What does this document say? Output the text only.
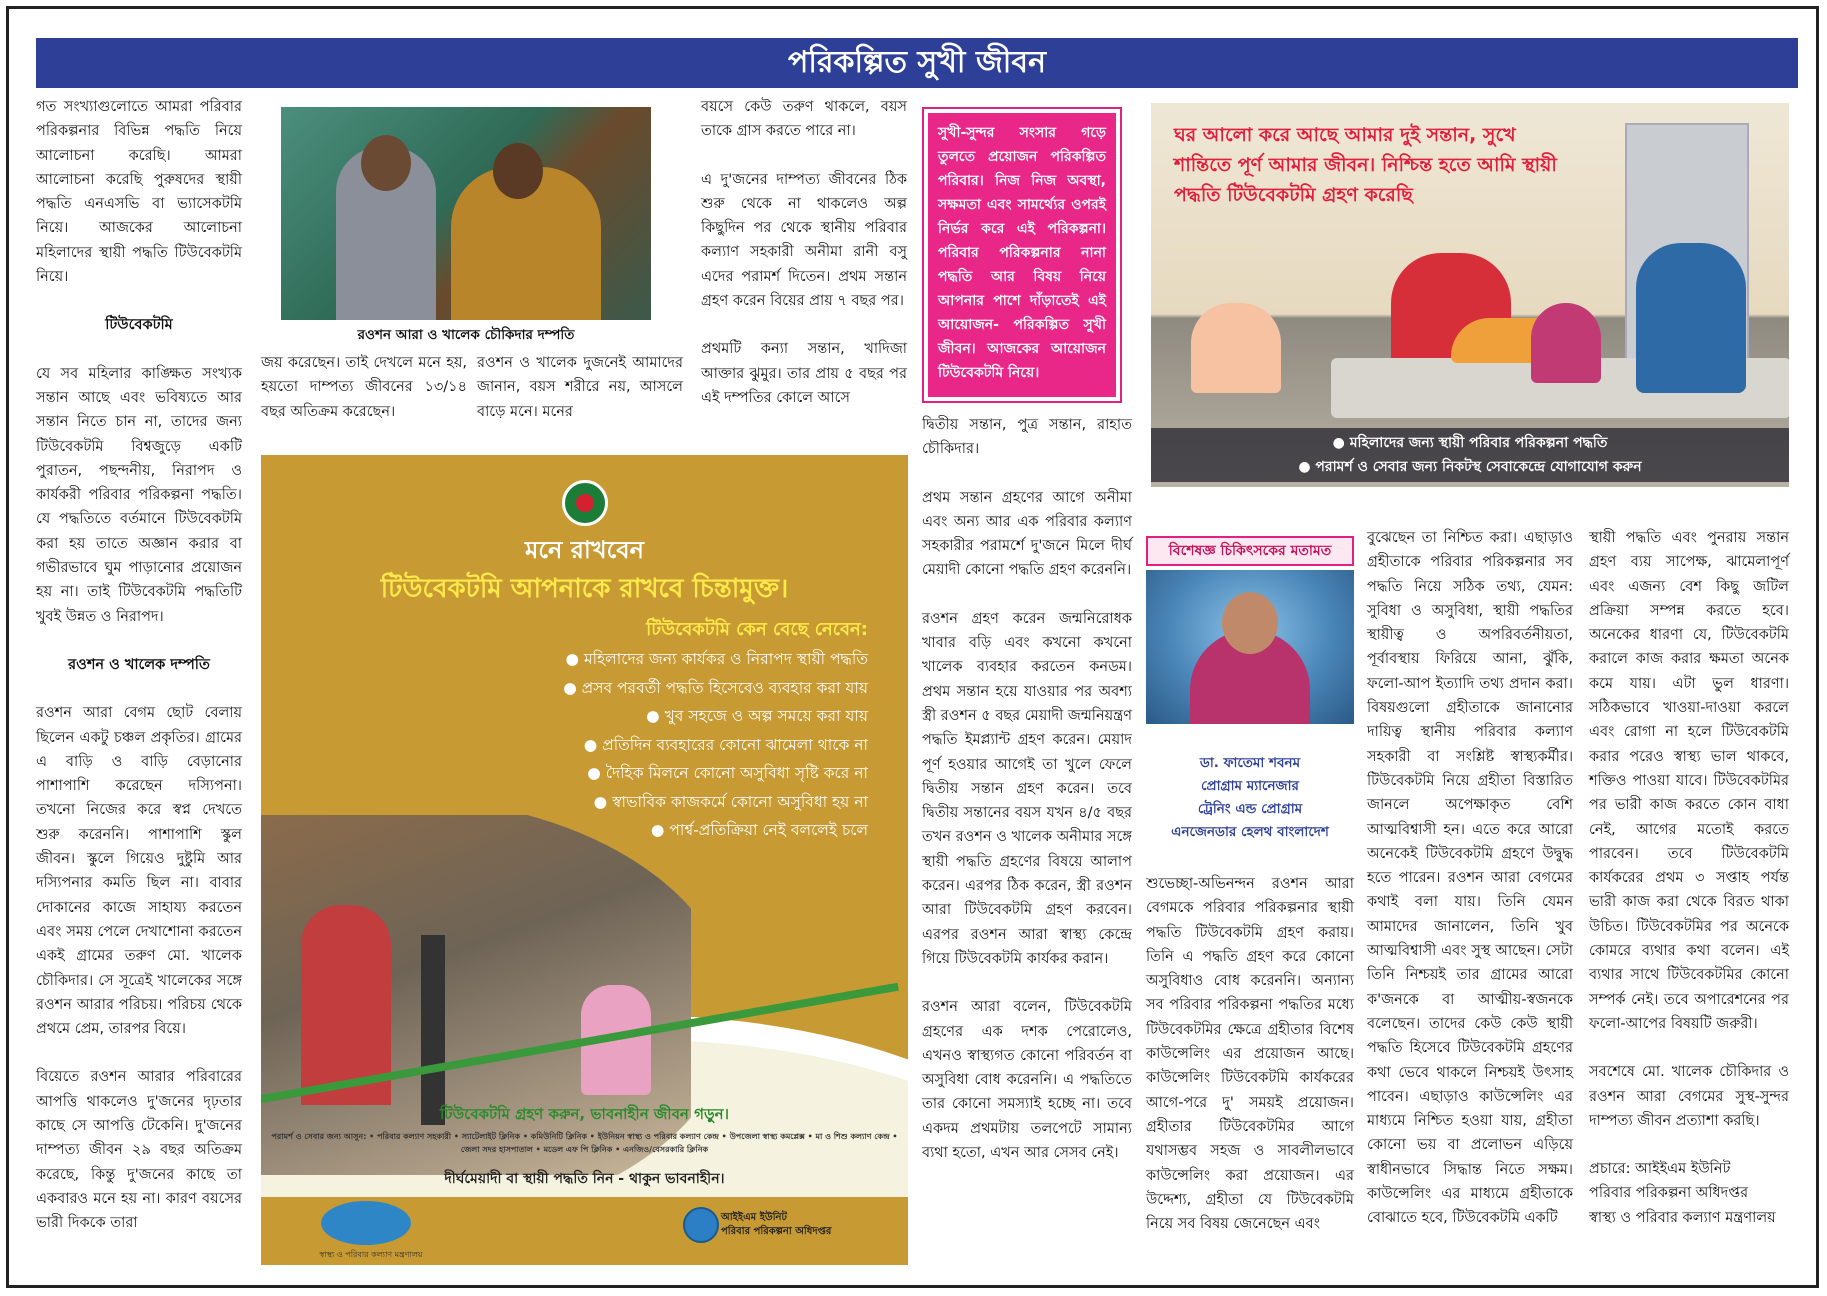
পরিকল্পিত সুখী জীবন

গত সংখ্যাগুলোতে আমরা পরিবার পরিকল্পনার বিভিন্ন পদ্ধতি নিয়ে আলোচনা করেছি। আমরা আলোচনা করেছি পুরুষদের স্থায়ী পদ্ধতি এনএসভি বা ভ্যাসেকটমি নিয়ে। আজকের আলোচনা মহিলাদের স্থায়ী পদ্ধতি টিউবেকটমি নিয়ে।

টিউবেকটমি

যে সব মহিলার কাঙ্ক্ষিত সংখ্যক সন্তান আছে এবং ভবিষ্যতে আর সন্তান নিতে চান না, তাদের জন্য টিউবেকটমি বিশ্বজুড়ে একটি পুরাতন, পছন্দনীয়, নিরাপদ ও কার্যকরী পরিবার পরিকল্পনা পদ্ধতি। যে পদ্ধতিতে বর্তমানে টিউবেকটমি করা হয় তাতে অজ্ঞান করার বা গভীরভাবে ঘুম পাড়ানোর প্রয়োজন হয় না। তাই টিউবেকটমি পদ্ধতিটি খুবই উন্নত ও নিরাপদ।

রওশন ও খালেক দম্পতি

রওশন আরা বেগম ছোট বেলায় ছিলেন একটু চঞ্চল প্রকৃতির। গ্রামের এ বাড়ি ও বাড়ি বেড়ানোর পাশাপাশি করেছেন দস্যিপনা। তখনো নিজের করে স্বপ্ন দেখতে শুরু করেননি। পাশাপাশি স্কুল জীবন। স্কুলে গিয়েও দুষ্টুমি আর দস্যিপনার কমতি ছিল না। বাবার দোকানের কাজে সাহায্য করতেন এবং সময় পেলে দেখাশোনা করতেন একই গ্রামের তরুণ মো. খালেক চৌকিদার। সে সূত্রেই খালেকের সঙ্গে রওশন আরার পরিচয়। পরিচয় থেকে প্রথমে প্রেম, তারপর বিয়ে।

বিয়েতে রওশন আরার পরিবারের আপত্তি থাকলেও দু'জনের দৃঢ়তার কাছে সে আপত্তি টেকেনি। দু'জনের দাম্পত্য জীবন ২৯ বছর অতিক্রম করেছে, কিন্তু দু'জনের কাছে তা একবারও মনে হয় না। কারণ বয়সের ভারী দিককে তারা

রওশন আরা ও খালেক চৌকিদার দম্পতি

জয় করেছেন। তাই দেখলে মনে হয়, হয়তো দাম্পত্য জীবনের ১৩/১৪ বছর অতিক্রম করেছেন।

রওশন ও খালেক দুজনেই আমাদের জানান, বয়স শরীরে নয়, আসলে বাড়ে মনে। মনের

বয়সে কেউ তরুণ থাকলে, বয়স তাকে গ্রাস করতে পারে না।

এ দু'জনের দাম্পত্য জীবনের ঠিক শুরু থেকে না থাকলেও অল্প কিছুদিন পর থেকে স্থানীয় পরিবার কল্যাণ সহকারী অনীমা রানী বসু এদের পরামর্শ দিতেন। প্রথম সন্তান গ্রহণ করেন বিয়ের প্রায় ৭ বছর পর।

প্রথমটি কন্যা সন্তান, খাদিজা আক্তার ঝুমুর। তার প্রায় ৫ বছর পর এই দম্পতির কোলে আসে

সুখী-সুন্দর সংসার গড়ে তুলতে প্রয়োজন পরিকল্পিত পরিবার। নিজ নিজ অবস্থা, সক্ষমতা এবং সামর্থ্যের ওপরই নির্ভর করে এই পরিকল্পনা। পরিবার পরিকল্পনার নানা পদ্ধতি আর বিষয় নিয়ে আপনার পাশে দাঁড়াতেই এই আয়োজন- পরিকল্পিত সুখী জীবন। আজকের আয়োজন টিউবেকটমি নিয়ে।
ঘর আলো করে আছে আমার দুই সন্তান, সুখে শান্তিতে পূর্ণ আমার জীবন। নিশ্চিন্ত হতে আমি স্থায়ী পদ্ধতি টিউবেকটমি গ্রহণ করেছি
● মহিলাদের জন্য স্থায়ী পরিবার পরিকল্পনা পদ্ধতি
● পরামর্শ ও সেবার জন্য নিকটস্থ সেবাকেন্দ্রে যোগাযোগ করুন
মনে রাখবেন
টিউবেকটমি আপনাকে রাখবে চিন্তামুক্ত।
টিউবেকটমি কেন বেছে নেবেন:
● মহিলাদের জন্য কার্যকর ও নিরাপদ স্থায়ী পদ্ধতি
● প্রসব পরবর্তী পদ্ধতি হিসেবেও ব্যবহার করা যায়
● খুব সহজে ও অল্প সময়ে করা যায়
● প্রতিদিন ব্যবহারের কোনো ঝামেলা থাকে না
● দৈহিক মিলনে কোনো অসুবিধা সৃষ্টি করে না
● স্বাভাবিক কাজকর্মে কোনো অসুবিধা হয় না
● পার্শ্ব-প্রতিক্রিয়া নেই বললেই চলে
টিউবেকটমি গ্রহণ করুন, ভাবনাহীন জীবন গড়ুন।
পরামর্শ ও সেবার জন্য আসুন: • পরিবার কল্যাণ সহকারী • স্যাটেলাইট ক্লিনিক • কমিউনিটি ক্লিনিক • ইউনিয়ন স্বাস্থ্য ও পরিবার কল্যাণ কেন্দ্র • উপজেলা স্বাস্থ্য কমপ্লেক্স • মা ও শিশু কল্যাণ কেন্দ্র • জেলা সদর হাসপাতাল • মডেল এফ পি ক্লিনিক • এনজিও/বেসরকারি ক্লিনিক
দীর্ঘমেয়াদী বা স্থায়ী পদ্ধতি নিন - থাকুন ভাবনাহীন।
স্বাস্থ্য ও পরিবার কল্যাণ মন্ত্রণালয়
আইইএম ইউনিট
পরিবার পরিকল্পনা অধিদপ্তর

দ্বিতীয় সন্তান, পুত্র সন্তান, রাহাত চৌকিদার।

প্রথম সন্তান গ্রহণের আগে অনীমা এবং অন্য আর এক পরিবার কল্যাণ সহকারীর পরামর্শে দু'জনে মিলে দীর্ঘ মেয়াদী কোনো পদ্ধতি গ্রহণ করেননি।

রওশন গ্রহণ করেন জন্মনিরোধক খাবার বড়ি এবং কখনো কখনো খালেক ব্যবহার করতেন কনডম। প্রথম সন্তান হয়ে যাওয়ার পর অবশ্য স্ত্রী রওশন ৫ বছর মেয়াদী জন্মনিয়ন্ত্রণ পদ্ধতি ইমপ্ল্যান্ট গ্রহণ করেন। মেয়াদ পূর্ণ হওয়ার আগেই তা খুলে ফেলে দ্বিতীয় সন্তান গ্রহণ করেন। তবে দ্বিতীয় সন্তানের বয়স যখন ৪/৫ বছর তখন রওশন ও খালেক অনীমার সঙ্গে স্থায়ী পদ্ধতি গ্রহণের বিষয়ে আলাপ করেন। এরপর ঠিক করেন, স্ত্রী রওশন আরা টিউবেকটমি গ্রহণ করবেন। এরপর রওশন আরা স্বাস্থ্য কেন্দ্রে গিয়ে টিউবেকটমি কার্যকর করান।

রওশন আরা বলেন, টিউবেকটমি গ্রহণের এক দশক পেরোলেও, এখনও স্বাস্থ্যগত কোনো পরিবর্তন বা অসুবিধা বোধ করেননি। এ পদ্ধতিতে তার কোনো সমস্যাই হচ্ছে না। তবে একদম প্রথমটায় তলপেটে সামান্য ব্যথা হতো, এখন আর সেসব নেই।

বিশেষজ্ঞ চিকিৎসকের মতামত
ডা. ফাতেমা শবনম
প্রোগ্রাম ম্যানেজার
ট্রেনিং এন্ড প্রোগ্রাম
এনজেনডার হেলথ বাংলাদেশ

শুভেচ্ছা-অভিনন্দন রওশন আরা বেগমকে পরিবার পরিকল্পনার স্থায়ী পদ্ধতি টিউবেকটমি গ্রহণ করায়। তিনি এ পদ্ধতি গ্রহণ করে কোনো অসুবিধাও বোধ করেননি। অন্যান্য সব পরিবার পরিকল্পনা পদ্ধতির মধ্যে টিউবেকটমির ক্ষেত্রে গ্রহীতার বিশেষ কাউন্সেলিং এর প্রয়োজন আছে। কাউন্সেলিং টিউবেকটমি কার্যকরের আগে-পরে দু' সময়ই প্রয়োজন। গ্রহীতার টিউবেকটমির আগে যথাসম্ভব সহজ ও সাবলীলভাবে কাউন্সেলিং করা প্রয়োজন। এর উদ্দেশ্য, গ্রহীতা যে টিউবেকটমি নিয়ে সব বিষয় জেনেছেন এবং

বুঝেছেন তা নিশ্চিত করা। এছাড়াও গ্রহীতাকে পরিবার পরিকল্পনার সব পদ্ধতি নিয়ে সঠিক তথ্য, যেমন: সুবিধা ও অসুবিধা, স্থায়ী পদ্ধতির স্থায়ীত্ব ও অপরিবর্তনীয়তা, পূর্বাবস্থায় ফিরিয়ে আনা, ঝুঁকি, ফলো-আপ ইত্যাদি তথ্য প্রদান করা। বিষয়গুলো গ্রহীতাকে জানানোর দায়িত্ব স্থানীয় পরিবার কল্যাণ সহকারী বা সংশ্লিষ্ট স্বাস্থ্যকর্মীর। টিউবেকটমি নিয়ে গ্রহীতা বিস্তারিত জানলে অপেক্ষাকৃত বেশি আত্মবিশ্বাসী হন। এতে করে আরো অনেকেই টিউবেকটমি গ্রহণে উদ্বুদ্ধ হতে পারেন। রওশন আরা বেগমের কথাই বলা যায়। তিনি যেমন আমাদের জানালেন, তিনি খুব আত্মবিশ্বাসী এবং সুস্থ আছেন। সেটা তিনি নিশ্চয়ই তার গ্রামের আরো ক'জনকে বা আত্মীয়-স্বজনকে বলেছেন। তাদের কেউ কেউ স্থায়ী পদ্ধতি হিসেবে টিউবেকটমি গ্রহণের কথা ভেবে থাকলে নিশ্চয়ই উৎসাহ পাবেন। এছাড়াও কাউন্সেলিং এর মাধ্যমে নিশ্চিত হওয়া যায়, গ্রহীতা কোনো ভয় বা প্রলোভন এড়িয়ে স্বাধীনভাবে সিদ্ধান্ত নিতে সক্ষম। কাউন্সেলিং এর মাধ্যমে গ্রহীতাকে বোঝাতে হবে, টিউবেকটমি একটি

স্থায়ী পদ্ধতি এবং পুনরায় সন্তান গ্রহণ ব্যয় সাপেক্ষ, ঝামেলাপূর্ণ এবং এজন্য বেশ কিছু জটিল প্রক্রিয়া সম্পন্ন করতে হবে। অনেকের ধারণা যে, টিউবেকটমি করালে কাজ করার ক্ষমতা অনেক কমে যায়। এটা ভুল ধারণা। সঠিকভাবে খাওয়া-দাওয়া করলে এবং রোগা না হলে টিউবেকটমি করার পরেও স্বাস্থ্য ভাল থাকবে, শক্তিও পাওয়া যাবে। টিউবেকটমির পর ভারী কাজ করতে কোন বাধা নেই, আগের মতোই করতে পারবেন। তবে টিউবেকটমি কার্যকরের প্রথম ৩ সপ্তাহ পর্যন্ত ভারী কাজ করা থেকে বিরত থাকা উচিত। টিউবেকটমির পর অনেকে কোমরে ব্যথার কথা বলেন। এই ব্যথার সাথে টিউবেকটমির কোনো সম্পর্ক নেই। তবে অপারেশনের পর ফলো-আপের বিষয়টি জরুরী।

সবশেষে মো. খালেক চৌকিদার ও রওশন আরা বেগমের সুস্থ-সুন্দর দাম্পত্য জীবন প্রত্যাশা করছি।

প্রচারে: আইইএম ইউনিট
পরিবার পরিকল্পনা অধিদপ্তর
স্বাস্থ্য ও পরিবার কল্যাণ মন্ত্রণালয়
